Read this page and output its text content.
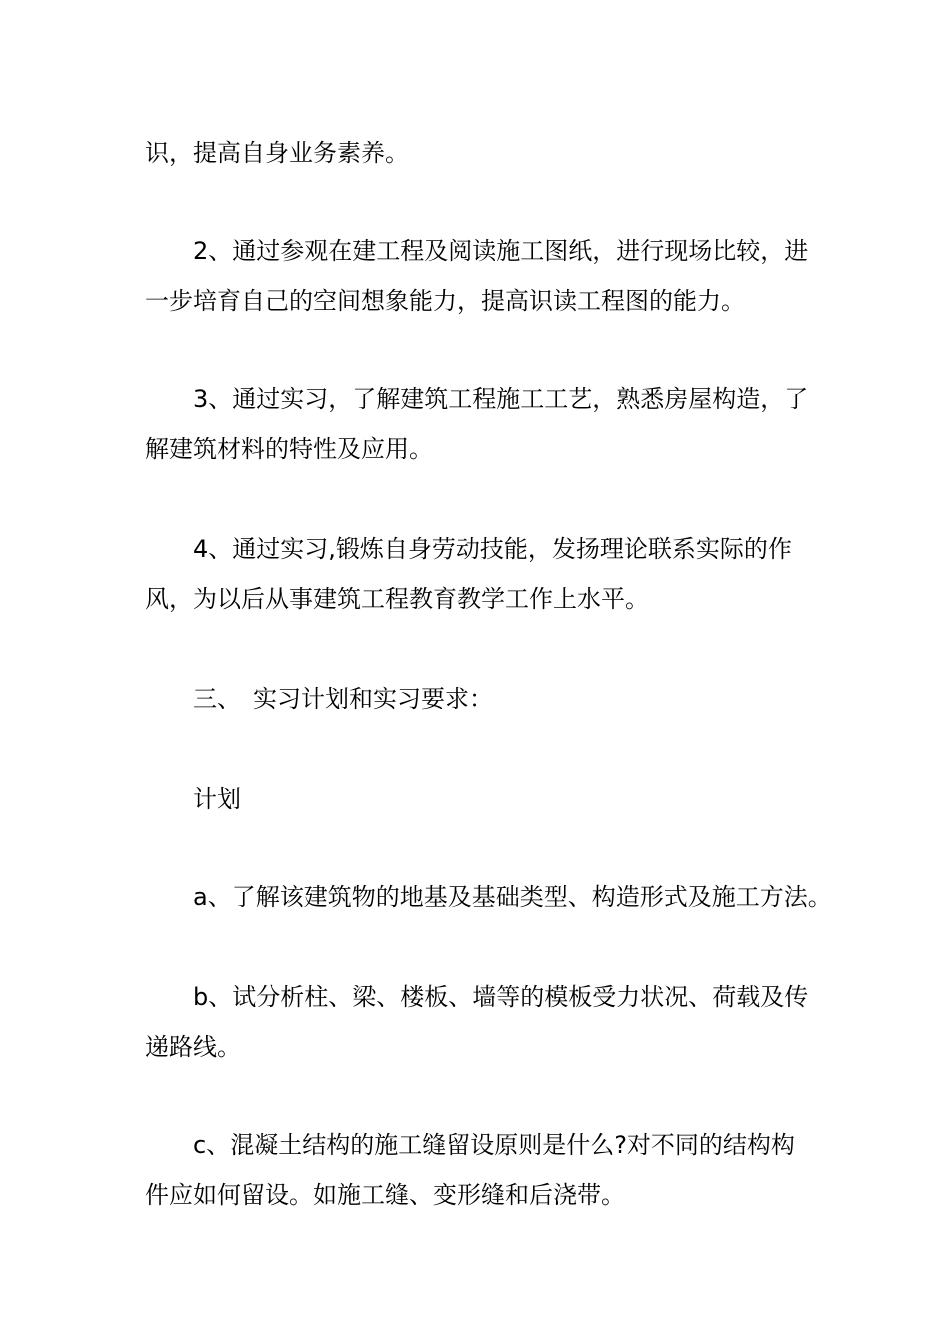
识，提高自身业务素养。
2、通过参观在建工程及阅读施工图纸，进行现场比较，进
一步培育自己的空间想象能力，提高识读工程图的能力。
3、通过实习，了解建筑工程施工工艺，熟悉房屋构造，了
解建筑材料的特性及应用。
4、通过实习,锻炼自身劳动技能，发扬理论联系实际的作
风，为以后从事建筑工程教育教学工作上水平。
三、 实习计划和实习要求：
计划
a、了解该建筑物的地基及基础类型、构造形式及施工方法。
b、试分析柱、梁、楼板、墙等的模板受力状况、荷载及传
递路线。
c、混凝土结构的施工缝留设原则是什么?对不同的结构构
件应如何留设。如施工缝、变形缝和后浇带。
